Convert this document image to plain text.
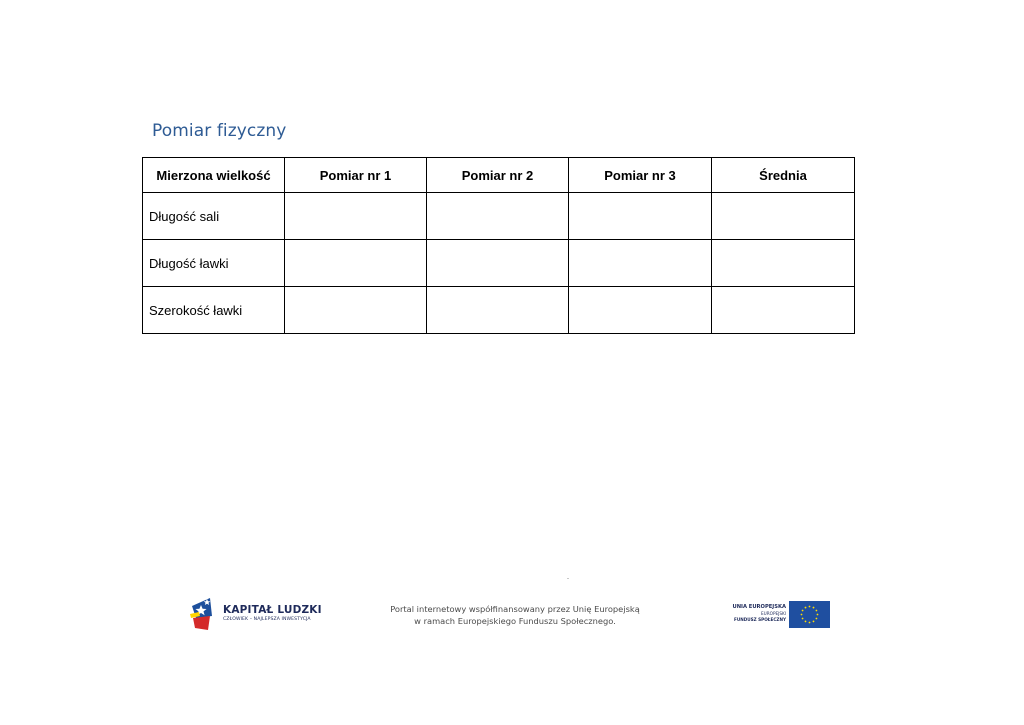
Pomiar fizyczny
Mierzona wielkość	Pomiar nr 1	Pomiar nr 2	Pomiar nr 3	Średnia
Długość sali				
Długość ławki				
Szerokość ławki				
KAPITAŁ LUDZKI
CZŁOWIEK – NAJLEPSZA INWESTYCJA
Portal internetowy współfinansowany przez Unię Europejską
w ramach Europejskiego Funduszu Społecznego.
UNIA EUROPEJSKA
EUROPEJSKI
FUNDUSZ SPOŁECZNY
